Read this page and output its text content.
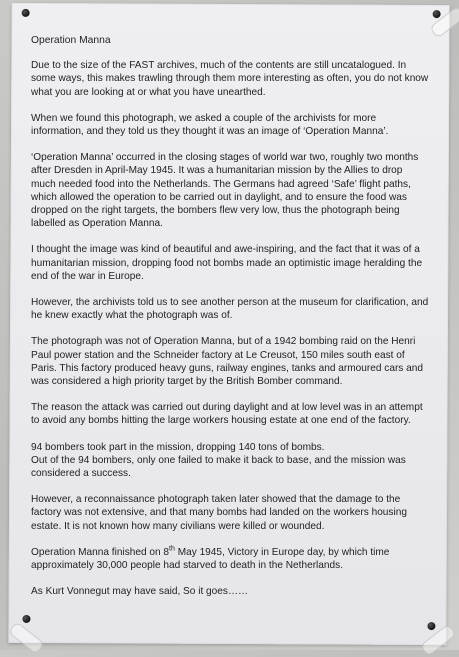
Operation Manna

Due to the size of the FAST archives, much of the contents are still uncatalogued. In some ways, this makes trawling through them more interesting as often, you do not know what you are looking at or what you have unearthed.

When we found this photograph, we asked a couple of the archivists for more information, and they told us they thought it was an image of ‘Operation Manna’.

‘Operation Manna’ occurred in the closing stages of world war two, roughly two months after Dresden in April-May 1945. It was a humanitarian mission by the Allies to drop much needed food into the Netherlands. The Germans had agreed ‘Safe’ flight paths, which allowed the operation to be carried out in daylight, and to ensure the food was dropped on the right targets, the bombers flew very low, thus the photograph being labelled as Operation Manna.

I thought the image was kind of beautiful and awe-inspiring, and the fact that it was of a humanitarian mission, dropping food not bombs made an optimistic image heralding the end of the war in Europe.

However, the archivists told us to see another person at the museum for clarification, and he knew exactly what the photograph was of.

The photograph was not of Operation Manna, but of a 1942 bombing raid on the Henri Paul power station and the Schneider factory at Le Creusot, 150 miles south east of Paris. This factory produced heavy guns, railway engines, tanks and armoured cars and was considered a high priority target by the British Bomber command.

The reason the attack was carried out during daylight and at low level was in an attempt to avoid any bombs hitting the large workers housing estate at one end of the factory.

94 bombers took part in the mission, dropping 140 tons of bombs.
Out of the 94 bombers, only one failed to make it back to base, and the mission was considered a success.

However, a reconnaissance photograph taken later showed that the damage to the factory was not extensive, and that many bombs had landed on the workers housing estate. It is not known how many civilians were killed or wounded.

Operation Manna finished on 8th May 1945, Victory in Europe day, by which time approximately 30,000 people had starved to death in the Netherlands.

As Kurt Vonnegut may have said, So it goes……
